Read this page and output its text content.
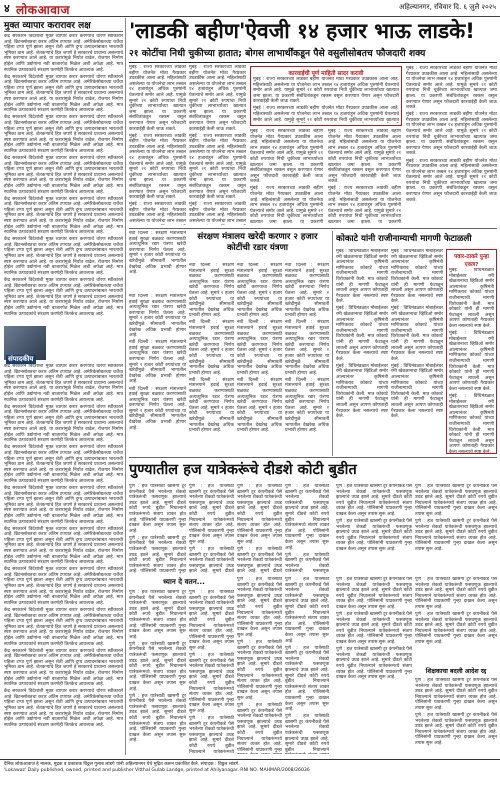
४ लोकआवाज	अहिल्यानगर, रविवार दि. ६ जुलै २०२५
मुक्त व्यापार करारावर लक्ष

केंद्र सरकारने विदेशांशी मुक्त व्यापार करार करण्याचे धोरण स्वीकारले आहे. ब्रिटनसोबतचा करार अंतिम टप्प्यात आहे. अमेरिकेसोबतच्या चर्चेचा पहिला टप्पा पूर्ण झाला असून शेती आणि दुग्ध उत्पादनांबाबत भारताची भूमिका ठाम आहे. शेतकऱ्यांचे हित जपणे हे सरकारचे प्राधान्य असल्याचे स्पष्ट करण्यात आले आहे. या करारांमुळे निर्यात वाढेल, रोजगार निर्माण होईल आणि उद्योगांना नवी बाजारपेठ मिळेल अशी अपेक्षा आहे. मात्र स्थानिक उत्पादकांचे संरक्षण करणेही तितकेच आवश्यक आहे.

केंद्र सरकारने विदेशांशी मुक्त व्यापार करार करण्याचे धोरण स्वीकारले आहे. ब्रिटनसोबतचा करार अंतिम टप्प्यात आहे. अमेरिकेसोबतच्या चर्चेचा पहिला टप्पा पूर्ण झाला असून शेती आणि दुग्ध उत्पादनांबाबत भारताची भूमिका ठाम आहे. शेतकऱ्यांचे हित जपणे हे सरकारचे प्राधान्य असल्याचे स्पष्ट करण्यात आले आहे. या करारांमुळे निर्यात वाढेल, रोजगार निर्माण होईल आणि उद्योगांना नवी बाजारपेठ मिळेल अशी अपेक्षा आहे. मात्र स्थानिक उत्पादकांचे संरक्षण करणेही तितकेच आवश्यक आहे.

केंद्र सरकारने विदेशांशी मुक्त व्यापार करार करण्याचे धोरण स्वीकारले आहे. ब्रिटनसोबतचा करार अंतिम टप्प्यात आहे. अमेरिकेसोबतच्या चर्चेचा पहिला टप्पा पूर्ण झाला असून शेती आणि दुग्ध उत्पादनांबाबत भारताची भूमिका ठाम आहे. शेतकऱ्यांचे हित जपणे हे सरकारचे प्राधान्य असल्याचे स्पष्ट करण्यात आले आहे. या करारांमुळे निर्यात वाढेल, रोजगार निर्माण होईल आणि उद्योगांना नवी बाजारपेठ मिळेल अशी अपेक्षा आहे. मात्र स्थानिक उत्पादकांचे संरक्षण करणेही तितकेच आवश्यक आहे.

केंद्र सरकारने विदेशांशी मुक्त व्यापार करार करण्याचे धोरण स्वीकारले आहे. ब्रिटनसोबतचा करार अंतिम टप्प्यात आहे. अमेरिकेसोबतच्या चर्चेचा पहिला टप्पा पूर्ण झाला असून शेती आणि दुग्ध उत्पादनांबाबत भारताची भूमिका ठाम आहे. शेतकऱ्यांचे हित जपणे हे सरकारचे प्राधान्य असल्याचे स्पष्ट करण्यात आले आहे. या करारांमुळे निर्यात वाढेल, रोजगार निर्माण होईल आणि उद्योगांना नवी बाजारपेठ मिळेल अशी अपेक्षा आहे. मात्र स्थानिक उत्पादकांचे संरक्षण करणेही तितकेच आवश्यक आहे.

केंद्र सरकारने विदेशांशी मुक्त व्यापार करार करण्याचे धोरण स्वीकारले आहे. ब्रिटनसोबतचा करार अंतिम टप्प्यात आहे. अमेरिकेसोबतच्या चर्चेचा पहिला टप्पा पूर्ण झाला असून शेती आणि दुग्ध उत्पादनांबाबत भारताची भूमिका ठाम आहे. शेतकऱ्यांचे हित जपणे हे सरकारचे प्राधान्य असल्याचे स्पष्ट करण्यात आले आहे. या करारांमुळे निर्यात वाढेल, रोजगार निर्माण होईल आणि उद्योगांना नवी बाजारपेठ मिळेल अशी अपेक्षा आहे. मात्र स्थानिक उत्पादकांचे संरक्षण करणेही तितकेच आवश्यक आहे.

केंद्र सरकारने विदेशांशी मुक्त व्यापार करार करण्याचे धोरण स्वीकारले आहे. ब्रिटनसोबतचा करार अंतिम टप्प्यात आहे. अमेरिकेसोबतच्या चर्चेचा पहिला टप्पा पूर्ण झाला असून शेती आणि दुग्ध उत्पादनांबाबत भारताची भूमिका ठाम आहे. शेतकऱ्यांचे हित जपणे हे सरकारचे प्राधान्य असल्याचे स्पष्ट करण्यात आले आहे. या करारांमुळे निर्यात वाढेल, रोजगार निर्माण होईल आणि उद्योगांना नवी बाजारपेठ मिळेल अशी अपेक्षा आहे. मात्र स्थानिक उत्पादकांचे संरक्षण करणेही तितकेच आवश्यक आहे.

केंद्र सरकारने विदेशांशी मुक्त व्यापार करार करण्याचे धोरण स्वीकारले आहे. ब्रिटनसोबतचा करार अंतिम टप्प्यात आहे. अमेरिकेसोबतच्या चर्चेचा पहिला टप्पा पूर्ण झाला असून शेती आणि दुग्ध उत्पादनांबाबत भारताची भूमिका ठाम आहे. शेतकऱ्यांचे हित जपणे हे सरकारचे प्राधान्य असल्याचे स्पष्ट करण्यात आले आहे. या करारांमुळे निर्यात वाढेल, रोजगार निर्माण होईल आणि उद्योगांना नवी बाजारपेठ मिळेल अशी अपेक्षा आहे. मात्र स्थानिक उत्पादकांचे संरक्षण करणेही तितकेच आवश्यक आहे.

संपादकीय

केंद्र सरकारने विदेशांशी मुक्त व्यापार करार करण्याचे धोरण स्वीकारले आहे. ब्रिटनसोबतचा करार अंतिम टप्प्यात आहे. अमेरिकेसोबतच्या चर्चेचा पहिला टप्पा पूर्ण झाला असून शेती आणि दुग्ध उत्पादनांबाबत भारताची भूमिका ठाम आहे. शेतकऱ्यांचे हित जपणे हे सरकारचे प्राधान्य असल्याचे स्पष्ट करण्यात आले आहे. या करारांमुळे निर्यात वाढेल, रोजगार निर्माण होईल आणि उद्योगांना नवी बाजारपेठ मिळेल अशी अपेक्षा आहे. मात्र स्थानिक उत्पादकांचे संरक्षण करणेही तितकेच आवश्यक आहे.

केंद्र सरकारने विदेशांशी मुक्त व्यापार करार करण्याचे धोरण स्वीकारले आहे. ब्रिटनसोबतचा करार अंतिम टप्प्यात आहे. अमेरिकेसोबतच्या चर्चेचा पहिला टप्पा पूर्ण झाला असून शेती आणि दुग्ध उत्पादनांबाबत भारताची भूमिका ठाम आहे. शेतकऱ्यांचे हित जपणे हे सरकारचे प्राधान्य असल्याचे स्पष्ट करण्यात आले आहे. या करारांमुळे निर्यात वाढेल, रोजगार निर्माण होईल आणि उद्योगांना नवी बाजारपेठ मिळेल अशी अपेक्षा आहे. मात्र स्थानिक उत्पादकांचे संरक्षण करणेही तितकेच आवश्यक आहे.

केंद्र सरकारने विदेशांशी मुक्त व्यापार करार करण्याचे धोरण स्वीकारले आहे. ब्रिटनसोबतचा करार अंतिम टप्प्यात आहे. अमेरिकेसोबतच्या चर्चेचा पहिला टप्पा पूर्ण झाला असून शेती आणि दुग्ध उत्पादनांबाबत भारताची भूमिका ठाम आहे. शेतकऱ्यांचे हित जपणे हे सरकारचे प्राधान्य असल्याचे स्पष्ट करण्यात आले आहे. या करारांमुळे निर्यात वाढेल, रोजगार निर्माण होईल आणि उद्योगांना नवी बाजारपेठ मिळेल अशी अपेक्षा आहे. मात्र स्थानिक उत्पादकांचे संरक्षण करणेही तितकेच आवश्यक आहे.

केंद्र सरकारने विदेशांशी मुक्त व्यापार करार करण्याचे धोरण स्वीकारले आहे. ब्रिटनसोबतचा करार अंतिम टप्प्यात आहे. अमेरिकेसोबतच्या चर्चेचा पहिला टप्पा पूर्ण झाला असून शेती आणि दुग्ध उत्पादनांबाबत भारताची भूमिका ठाम आहे. शेतकऱ्यांचे हित जपणे हे सरकारचे प्राधान्य असल्याचे स्पष्ट करण्यात आले आहे. या करारांमुळे निर्यात वाढेल, रोजगार निर्माण होईल आणि उद्योगांना नवी बाजारपेठ मिळेल अशी अपेक्षा आहे. मात्र स्थानिक उत्पादकांचे संरक्षण करणेही तितकेच आवश्यक आहे.

केंद्र सरकारने विदेशांशी मुक्त व्यापार करार करण्याचे धोरण स्वीकारले आहे. ब्रिटनसोबतचा करार अंतिम टप्प्यात आहे. अमेरिकेसोबतच्या चर्चेचा पहिला टप्पा पूर्ण झाला असून शेती आणि दुग्ध उत्पादनांबाबत भारताची भूमिका ठाम आहे. शेतकऱ्यांचे हित जपणे हे सरकारचे प्राधान्य असल्याचे स्पष्ट करण्यात आले आहे. या करारांमुळे निर्यात वाढेल, रोजगार निर्माण होईल आणि उद्योगांना नवी बाजारपेठ मिळेल अशी अपेक्षा आहे. मात्र स्थानिक उत्पादकांचे संरक्षण करणेही तितकेच आवश्यक आहे.

केंद्र सरकारने विदेशांशी मुक्त व्यापार करार करण्याचे धोरण स्वीकारले आहे. ब्रिटनसोबतचा करार अंतिम टप्प्यात आहे. अमेरिकेसोबतच्या चर्चेचा पहिला टप्पा पूर्ण झाला असून शेती आणि दुग्ध उत्पादनांबाबत भारताची भूमिका ठाम आहे. शेतकऱ्यांचे हित जपणे हे सरकारचे प्राधान्य असल्याचे स्पष्ट करण्यात आले आहे. या करारांमुळे निर्यात वाढेल, रोजगार निर्माण होईल आणि उद्योगांना नवी बाजारपेठ मिळेल अशी अपेक्षा आहे. मात्र स्थानिक उत्पादकांचे संरक्षण करणेही तितकेच आवश्यक आहे.

केंद्र सरकारने विदेशांशी मुक्त व्यापार करार करण्याचे धोरण स्वीकारले आहे. ब्रिटनसोबतचा करार अंतिम टप्प्यात आहे. अमेरिकेसोबतच्या चर्चेचा पहिला टप्पा पूर्ण झाला असून शेती आणि दुग्ध उत्पादनांबाबत भारताची भूमिका ठाम आहे. शेतकऱ्यांचे हित जपणे हे सरकारचे प्राधान्य असल्याचे स्पष्ट करण्यात आले आहे. या करारांमुळे निर्यात वाढेल, रोजगार निर्माण होईल आणि उद्योगांना नवी बाजारपेठ मिळेल अशी अपेक्षा आहे. मात्र स्थानिक उत्पादकांचे संरक्षण करणेही तितकेच आवश्यक आहे.

केंद्र सरकारने विदेशांशी मुक्त व्यापार करार करण्याचे धोरण स्वीकारले आहे. ब्रिटनसोबतचा करार अंतिम टप्प्यात आहे. अमेरिकेसोबतच्या चर्चेचा पहिला टप्पा पूर्ण झाला असून शेती आणि दुग्ध उत्पादनांबाबत भारताची भूमिका ठाम आहे. शेतकऱ्यांचे हित जपणे हे सरकारचे प्राधान्य असल्याचे स्पष्ट करण्यात आले आहे. या करारांमुळे निर्यात वाढेल, रोजगार निर्माण होईल आणि उद्योगांना नवी बाजारपेठ मिळेल अशी अपेक्षा आहे. मात्र स्थानिक उत्पादकांचे संरक्षण करणेही तितकेच आवश्यक आहे.

केंद्र सरकारने विदेशांशी मुक्त व्यापार करार करण्याचे धोरण स्वीकारले आहे. ब्रिटनसोबतचा करार अंतिम टप्प्यात आहे. अमेरिकेसोबतच्या चर्चेचा पहिला टप्पा पूर्ण झाला असून शेती आणि दुग्ध उत्पादनांबाबत भारताची भूमिका ठाम आहे. शेतकऱ्यांचे हित जपणे हे सरकारचे प्राधान्य असल्याचे स्पष्ट करण्यात आले आहे. या करारांमुळे निर्यात वाढेल, रोजगार निर्माण होईल आणि उद्योगांना नवी बाजारपेठ मिळेल अशी अपेक्षा आहे. मात्र स्थानिक उत्पादकांचे संरक्षण करणेही तितकेच आवश्यक आहे.

'लाडकी बहीण'ऐवजी १४ हजार भाऊ लाडके!
२१ कोटींचा निधी चुकीच्या हातात; बोगस लाभार्थींकडून पैसे वसुलीसोबतच फौजदारी शक्य

मुंबई : राज्य सरकारच्या लाडकी बहीण योजनेत मोठा गैरप्रकार उघडकीस आला आहे. महिलांसाठी असलेल्या या योजनेचा लाभ तब्बल १४ हजारांहून अधिक पुरुषांनी घेतल्याचे समोर आले आहे. यामुळे सुमारे २१ कोटी रुपयांचा निधी चुकीच्या लाभार्थ्यांच्या खात्यात जमा झाला. या प्रकरणी संबंधितांकडून रक्कम वसूल करण्यात येणार असून फौजदारी कारवाईही केली जाऊ शकते.

मुंबई : राज्य सरकारच्या लाडकी बहीण योजनेत मोठा गैरप्रकार उघडकीस आला आहे. महिलांसाठी असलेल्या या योजनेचा लाभ तब्बल १४ हजारांहून अधिक पुरुषांनी घेतल्याचे समोर आले आहे. यामुळे सुमारे २१ कोटी रुपयांचा निधी चुकीच्या लाभार्थ्यांच्या खात्यात जमा झाला. या प्रकरणी संबंधितांकडून रक्कम वसूल करण्यात येणार असून फौजदारी कारवाईही केली जाऊ शकते.

मुंबई : राज्य सरकारच्या लाडकी बहीण योजनेत मोठा गैरप्रकार उघडकीस आला आहे. महिलांसाठी असलेल्या या योजनेचा लाभ तब्बल

मुंबई : राज्य सरकारच्या लाडकी बहीण योजनेत मोठा गैरप्रकार उघडकीस आला आहे. महिलांसाठी असलेल्या या योजनेचा लाभ तब्बल १४ हजारांहून अधिक पुरुषांनी घेतल्याचे समोर आले आहे. यामुळे सुमारे २१ कोटी रुपयांचा निधी चुकीच्या लाभार्थ्यांच्या खात्यात जमा झाला. या प्रकरणी संबंधितांकडून रक्कम वसूल करण्यात येणार असून फौजदारी कारवाईही केली जाऊ शकते.

मुंबई : राज्य सरकारच्या लाडकी बहीण योजनेत मोठा गैरप्रकार उघडकीस आला आहे. महिलांसाठी असलेल्या या योजनेचा लाभ तब्बल १४ हजारांहून अधिक पुरुषांनी घेतल्याचे समोर आले आहे. यामुळे सुमारे २१ कोटी रुपयांचा निधी चुकीच्या लाभार्थ्यांच्या खात्यात जमा झाला. या प्रकरणी संबंधितांकडून रक्कम वसूल करण्यात येणार असून फौजदारी कारवाईही केली जाऊ शकते.

मुंबई : राज्य सरकारच्या लाडकी बहीण योजनेत मोठा गैरप्रकार उघडकीस आला आहे. महिलांसाठी असलेल्या या योजनेचा लाभ तब्बल

कारवाईची पूर्ण माहिती सादर करावी

मुंबई : राज्य सरकारच्या लाडकी बहीण योजनेत मोठा गैरप्रकार उघडकीस आला आहे. महिलांसाठी असलेल्या या योजनेचा लाभ तब्बल १४ हजारांहून अधिक पुरुषांनी घेतल्याचे समोर आले आहे. यामुळे सुमारे २१ कोटी रुपयांचा निधी चुकीच्या लाभार्थ्यांच्या खात्यात जमा झाला. या प्रकरणी संबंधितांकडून रक्कम वसूल करण्यात येणार असून फौजदारी कारवाईही केली जाऊ शकते.

मुंबई : राज्य सरकारच्या लाडकी बहीण योजनेत मोठा गैरप्रकार उघडकीस आला आहे. महिलांसाठी असलेल्या या योजनेचा लाभ तब्बल १४ हजारांहून अधिक पुरुषांनी घेतल्याचे समोर आले आहे. यामुळे सुमारे २१ कोटी रुपयांचा निधी चुकीच्या लाभार्थ्यांच्या खात्यात

मुंबई : राज्य सरकारच्या लाडकी बहीण योजनेत मोठा गैरप्रकार उघडकीस आला आहे. महिलांसाठी असलेल्या या योजनेचा लाभ तब्बल १४ हजारांहून अधिक पुरुषांनी घेतल्याचे समोर आले आहे. यामुळे सुमारे २१ कोटी रुपयांचा निधी चुकीच्या लाभार्थ्यांच्या खात्यात जमा झाला. या प्रकरणी संबंधितांकडून रक्कम वसूल करण्यात येणार असून फौजदारी कारवाईही केली जाऊ शकते.

मुंबई : राज्य सरकारच्या लाडकी बहीण योजनेत मोठा गैरप्रकार उघडकीस आला आहे. महिलांसाठी असलेल्या या योजनेचा लाभ तब्बल १४ हजारांहून अधिक पुरुषांनी घेतल्याचे समोर आले आहे. यामुळे सुमारे २१ कोटी रुपयांचा निधी चुकीच्या लाभार्थ्यांच्या खात्यात जमा झाला. या प्रकरणी

मुंबई : राज्य सरकारच्या लाडकी बहीण योजनेत मोठा गैरप्रकार उघडकीस आला आहे. महिलांसाठी असलेल्या या योजनेचा लाभ तब्बल १४ हजारांहून अधिक पुरुषांनी घेतल्याचे समोर आले आहे. यामुळे सुमारे २१ कोटी रुपयांचा निधी चुकीच्या लाभार्थ्यांच्या खात्यात जमा झाला. या प्रकरणी संबंधितांकडून रक्कम वसूल करण्यात येणार असून फौजदारी कारवाईही केली जाऊ शकते.

मुंबई : राज्य सरकारच्या लाडकी बहीण योजनेत मोठा गैरप्रकार उघडकीस आला आहे. महिलांसाठी असलेल्या या योजनेचा लाभ तब्बल १४ हजारांहून अधिक पुरुषांनी घेतल्याचे समोर आले आहे. यामुळे सुमारे २१ कोटी रुपयांचा निधी चुकीच्या लाभार्थ्यांच्या खात्यात जमा झाला. या प्रकरणी

मुंबई : राज्य सरकारच्या लाडकी बहीण योजनेत मोठा गैरप्रकार उघडकीस आला आहे. महिलांसाठी असलेल्या या योजनेचा लाभ तब्बल १४ हजारांहून अधिक पुरुषांनी घेतल्याचे समोर आले आहे. यामुळे सुमारे २१ कोटी रुपयांचा निधी चुकीच्या लाभार्थ्यांच्या खात्यात जमा झाला. या प्रकरणी संबंधितांकडून रक्कम वसूल करण्यात येणार असून फौजदारी कारवाईही केली जाऊ शकते.

मुंबई : राज्य सरकारच्या लाडकी बहीण योजनेत मोठा गैरप्रकार उघडकीस आला आहे. महिलांसाठी असलेल्या या योजनेचा लाभ तब्बल १४ हजारांहून अधिक पुरुषांनी घेतल्याचे समोर आले आहे. यामुळे सुमारे २१ कोटी रुपयांचा निधी चुकीच्या लाभार्थ्यांच्या खात्यात जमा झाला. या प्रकरणी संबंधितांकडून रक्कम वसूल करण्यात येणार असून फौजदारी कारवाईही केली जाऊ शकते.

मुंबई : राज्य सरकारच्या लाडकी बहीण योजनेत मोठा गैरप्रकार उघडकीस आला आहे. महिलांसाठी असलेल्या या योजनेचा लाभ तब्बल १४ हजारांहून अधिक पुरुषांनी घेतल्याचे समोर आले आहे. यामुळे सुमारे २१ कोटी रुपयांचा निधी चुकीच्या लाभार्थ्यांच्या खात्यात जमा झाला. या प्रकरणी संबंधितांकडून रक्कम वसूल करण्यात येणार असून फौजदारी कारवाईही केली जाऊ शकते.

नवी दिल्ली : संरक्षण मंत्रालयाने हवाई सुरक्षा बळकट करण्यासाठी अत्याधुनिक रडार यंत्रणा खरेदी करण्याचा निर्णय घेतला आहे. सुमारे २ हजार कोटी रुपयांच्या या खरेदीमुळे सीमावर्ती भागातील देखरेख अधिक प्रभावी होणार आहे.

संरक्षण मंत्रालय खरेदी करणार २ हजार कोटींची रडार यंत्रणा

नवी दिल्ली : संरक्षण मंत्रालयाने हवाई सुरक्षा बळकट करण्यासाठी अत्याधुनिक रडार यंत्रणा खरेदी करण्याचा निर्णय घेतला आहे. सुमारे २ हजार कोटी रुपयांच्या या खरेदीमुळे सीमावर्ती भागातील देखरेख अधिक प्रभावी होणार आहे.

नवी दिल्ली : संरक्षण मंत्रालयाने हवाई सुरक्षा बळकट करण्यासाठी अत्याधुनिक रडार यंत्रणा खरेदी करण्याचा निर्णय घेतला आहे. सुमारे २ हजार कोटी रुपयांच्या या खरेदीमुळे सीमावर्ती भागातील देखरेख अधिक प्रभावी होणार आहे.

नवी दिल्ली : संरक्षण मंत्रालयाने हवाई सुरक्षा बळकट करण्यासाठी अत्याधुनिक रडार यंत्रणा खरेदी करण्याचा निर्णय घेतला आहे. सुमारे २ हजार कोटी रुपयांच्या या खरेदीमुळे सीमावर्ती भागातील देखरेख अधिक प्रभावी होणार आहे.

नवी दिल्ली : संरक्षण मंत्रालयाने हवाई सुरक्षा बळकट करण्यासाठी अत्याधुनिक रडार यंत्रणा खरेदी करण्याचा निर्णय घेतला आहे. सुमारे २ हजार कोटी रुपयांच्या या खरेदीमुळे सीमावर्ती भागातील देखरेख अधिक प्रभावी होणार आहे.

नवी दिल्ली : संरक्षण मंत्रालयाने हवाई सुरक्षा बळकट करण्यासाठी अत्याधुनिक रडार यंत्रणा खरेदी करण्याचा निर्णय घेतला आहे. सुमारे २ हजार कोटी रुपयांच्या या खरेदीमुळे सीमावर्ती भागातील देखरेख अधिक प्रभावी होणार आहे.

नवी दिल्ली : संरक्षण मंत्रालयाने हवाई सुरक्षा बळकट करण्यासाठी अत्याधुनिक रडार यंत्रणा खरेदी करण्याचा निर्णय घेतला आहे. सुमारे २ हजार कोटी रुपयांच्या या खरेदीमुळे सीमावर्ती भागातील देखरेख अधिक प्रभावी होणार आहे.

नवी दिल्ली : संरक्षण मंत्रालयाने हवाई सुरक्षा बळकट करण्यासाठी अत्याधुनिक रडार यंत्रणा खरेदी करण्याचा निर्णय घेतला आहे. सुमारे २ हजार कोटी रुपयांच्या या खरेदीमुळे सीमावर्ती भागातील देखरेख अधिक प्रभावी होणार आहे.

नवी दिल्ली : संरक्षण मंत्रालयाने हवाई सुरक्षा बळकट करण्यासाठी अत्याधुनिक रडार यंत्रणा खरेदी करण्याचा निर्णय घेतला आहे. सुमारे २ हजार कोटी रुपयांच्या या खरेदीमुळे सीमावर्ती भागातील देखरेख अधिक प्रभावी होणार आहे.

नवी दिल्ली : संरक्षण मंत्रालयाने हवाई सुरक्षा बळकट करण्यासाठी अत्याधुनिक रडार यंत्रणा खरेदी करण्याचा निर्णय घेतला आहे. सुमारे २ हजार कोटी रुपयांच्या या खरेदीमुळे सीमावर्ती भागातील देखरेख अधिक प्रभावी होणार आहे.

नवी दिल्ली : संरक्षण मंत्रालयाने हवाई सुरक्षा बळकट करण्यासाठी अत्याधुनिक रडार यंत्रणा खरेदी करण्याचा निर्णय घेतला आहे. सुमारे २ हजार कोटी रुपयांच्या या खरेदीमुळे सीमावर्ती भागातील देखरेख अधिक प्रभावी होणार आहे.

नवी दिल्ली : संरक्षण मंत्रालयाने हवाई सुरक्षा बळकट करण्यासाठी अत्याधुनिक रडार यंत्रणा खरेदी करण्याचा निर्णय घेतला आहे. सुमारे २ हजार कोटी रुपयांच्या या खरेदीमुळे सीमावर्ती भागातील देखरेख अधिक प्रभावी होणार आहे.

नवी दिल्ली : संरक्षण मंत्रालयाने हवाई सुरक्षा बळकट करण्यासाठी अत्याधुनिक रडार यंत्रणा खरेदी करण्याचा निर्णय घेतला आहे. सुमारे २ हजार कोटी रुपयांच्या या खरेदीमुळे सीमावर्ती भागातील देखरेख अधिक प्रभावी होणार आहे.

कोकाटे यांनी राजीनाम्याची मागणी फेटाळली

मुंबई : विधिमंडळात मोबाईलवर रमी खेळतानाचा व्हिडिओ समोर आल्यानंतर कृषिमंत्री माणिकराव कोकाटे यांच्या राजीनाम्याची मागणी विरोधकांनी केली. मात्र कोकाटे यांनी ही मागणी फेटाळून लावली असून आपण कोणताही गैरप्रकार केला नसल्याचे स्पष्ट केले.

मुंबई : विधिमंडळात मोबाईलवर रमी खेळतानाचा व्हिडिओ समोर आल्यानंतर कृषिमंत्री माणिकराव कोकाटे यांच्या राजीनाम्याची मागणी विरोधकांनी केली. मात्र कोकाटे यांनी ही मागणी फेटाळून लावली असून आपण कोणताही गैरप्रकार केला नसल्याचे स्पष्ट केले.

मुंबई : विधिमंडळात मोबाईलवर रमी खेळतानाचा व्हिडिओ समोर आल्यानंतर कृषिमंत्री माणिकराव कोकाटे यांच्या राजीनाम्याची मागणी विरोधकांनी केली. मात्र कोकाटे यांनी ही मागणी फेटाळून लावली असून आपण कोणताही गैरप्रकार केला नसल्याचे स्पष्ट केले.

मुंबई : विधिमंडळात मोबाईलवर रमी खेळतानाचा व्हिडिओ समोर आल्यानंतर कृषिमंत्री माणिकराव कोकाटे यांच्या राजीनाम्याची मागणी विरोधकांनी केली. मात्र कोकाटे यांनी ही मागणी फेटाळून लावली असून आपण कोणताही गैरप्रकार केला नसल्याचे स्पष्ट केले.

मुंबई : विधिमंडळात मोबाईलवर रमी खेळतानाचा व्हिडिओ समोर आल्यानंतर कृषिमंत्री माणिकराव कोकाटे यांच्या राजीनाम्याची मागणी विरोधकांनी केली. मात्र कोकाटे यांनी ही मागणी फेटाळून लावली असून आपण कोणताही गैरप्रकार केला नसल्याचे स्पष्ट केले.

मुंबई : विधिमंडळात मोबाईलवर रमी खेळतानाचा व्हिडिओ समोर आल्यानंतर कृषिमंत्री माणिकराव कोकाटे यांच्या राजीनाम्याची मागणी विरोधकांनी केली. मात्र कोकाटे यांनी ही मागणी फेटाळून लावली असून आपण कोणताही गैरप्रकार केला नसल्याचे स्पष्ट केले.

पवार-ठाकरे पुन्हा एकत्र?

मुंबई : विधिमंडळात मोबाईलवर रमी खेळतानाचा व्हिडिओ समोर आल्यानंतर कृषिमंत्री माणिकराव कोकाटे यांच्या राजीनाम्याची मागणी विरोधकांनी केली. मात्र कोकाटे यांनी ही मागणी फेटाळून लावली असून आपण कोणताही गैरप्रकार केला नसल्याचे स्पष्ट केले.

मुंबई : विधिमंडळात मोबाईलवर रमी खेळतानाचा व्हिडिओ समोर आल्यानंतर कृषिमंत्री माणिकराव कोकाटे यांच्या राजीनाम्याची मागणी विरोधकांनी केली. मात्र कोकाटे यांनी ही मागणी फेटाळून लावली असून आपण कोणताही गैरप्रकार केला नसल्याचे स्पष्ट केले.

मुंबई : विधिमंडळात मोबाईलवर रमी खेळतानाचा व्हिडिओ समोर आल्यानंतर कृषिमंत्री माणिकराव कोकाटे यांच्या राजीनाम्याची मागणी विरोधकांनी केली. मात्र कोकाटे यांनी ही मागणी फेटाळून लावली असून आपण कोणताही गैरप्रकार केला नसल्याचे स्पष्ट केले.

पुण्यातील हज यात्रेकरूंचे दीडशे कोटी बुडीत

पुणे : हज यात्रेसाठी खासगी टूर कंपनीकडे पैसे भरलेल्या शेकडो यात्रेकरूंची फसवणूक झाल्याचे उघड झाले आहे. सुमारे दीडशे कोटी रुपये बुडीत निघाल्याने यात्रेकरूंमध्ये संताप व्यक्त होत आहे. पोलिसांनी याप्रकरणी गुन्हा दाखल केला असून तपास सुरू आहे.

पुणे : हज यात्रेसाठी खासगी टूर कंपनीकडे पैसे भरलेल्या शेकडो यात्रेकरूंची फसवणूक झाल्याचे उघड झाले आहे. सुमारे दीडशे कोटी रुपये बुडीत निघाल्याने यात्रेकरूंमध्ये संताप व्यक्त होत आहे. पोलिसांनी याप्रकरणी गुन्हा

पुणे : हज यात्रेसाठी खासगी टूर कंपनीकडे पैसे भरलेल्या शेकडो यात्रेकरूंची फसवणूक झाल्याचे उघड झाले आहे. सुमारे दीडशे कोटी रुपये बुडीत निघाल्याने यात्रेकरूंमध्ये संताप व्यक्त होत आहे. पोलिसांनी याप्रकरणी गुन्हा दाखल केला असून तपास सुरू आहे.

पुणे : हज यात्रेसाठी खासगी टूर कंपनीकडे पैसे भरलेल्या शेकडो यात्रेकरूंची फसवणूक झाल्याचे उघड झाले आहे. सुमारे दीडशे

पुणे : हज यात्रेसाठी खासगी टूर कंपनीकडे पैसे भरलेल्या शेकडो यात्रेकरूंची फसवणूक झाल्याचे उघड झाले आहे. सुमारे दीडशे कोटी रुपये बुडीत निघाल्याने यात्रेकरूंमध्ये संताप व्यक्त होत आहे. पोलिसांनी याप्रकरणी गुन्हा दाखल केला असून तपास सुरू आहे.

पुणे : हज यात्रेसाठी खासगी टूर कंपनीकडे पैसे भरलेल्या शेकडो यात्रेकरूंची फसवणूक झाल्याचे उघड झाले आहे. सुमारे दीडशे

पुणे : हज यात्रेसाठी खासगी टूर कंपनीकडे पैसे भरलेल्या शेकडो यात्रेकरूंची फसवणूक झाल्याचे उघड झाले आहे. सुमारे दीडशे कोटी रुपये बुडीत निघाल्याने यात्रेकरूंमध्ये संताप व्यक्त होत आहे. पोलिसांनी याप्रकरणी गुन्हा दाखल केला असून तपास सुरू आहे.

पुणे : हज यात्रेसाठी खासगी टूर कंपनीकडे पैसे भरलेल्या शेकडो यात्रेकरूंची फसवणूक

पुणे : हज यात्रेसाठी खासगी टूर कंपनीकडे पैसे भरलेल्या शेकडो यात्रेकरूंची फसवणूक झाल्याचे उघड झाले आहे. सुमारे दीडशे कोटी रुपये बुडीत निघाल्याने यात्रेकरूंमध्ये संताप व्यक्त होत आहे. पोलिसांनी याप्रकरणी गुन्हा दाखल केला असून तपास सुरू आहे.

पुणे : हज यात्रेसाठी खासगी टूर कंपनीकडे पैसे भरलेल्या शेकडो यात्रेकरूंची फसवणूक झाल्याचे उघड झाले आहे. सुमारे दीडशे कोटी रुपये बुडीत निघाल्याने यात्रेकरूंमध्ये संताप व्यक्त होत आहे. पोलिसांनी याप्रकरणी गुन्हा दाखल केला असून तपास सुरू आहे.

पुणे : हज यात्रेसाठी खासगी टूर कंपनीकडे पैसे भरलेल्या शेकडो यात्रेकरूंची फसवणूक झाल्याचे उघड झाले आहे. सुमारे दीडशे कोटी रुपये बुडीत निघाल्याने यात्रेकरूंमध्ये संताप व्यक्त होत आहे. पोलिसांनी याप्रकरणी गुन्हा दाखल केला असून तपास सुरू आहे.

पुणे : हज यात्रेसाठी खासगी टूर कंपनीकडे पैसे भरलेल्या शेकडो यात्रेकरूंची फसवणूक झाल्याचे उघड झाले आहे. सुमारे दीडशे कोटी रुपये बुडीत निघाल्याने यात्रेकरूंमध्ये संताप व्यक्त होत आहे. पोलिसांनी याप्रकरणी गुन्हा दाखल केला असून तपास सुरू आहे.

ध्यान दे वतन...

पुणे : हज यात्रेसाठी खासगी टूर कंपनीकडे पैसे भरलेल्या शेकडो यात्रेकरूंची फसवणूक झाल्याचे उघड झाले आहे. सुमारे दीडशे कोटी रुपये बुडीत निघाल्याने यात्रेकरूंमध्ये संताप व्यक्त होत आहे. पोलिसांनी याप्रकरणी गुन्हा दाखल केला असून तपास सुरू आहे.

पुणे : हज यात्रेसाठी खासगी टूर कंपनीकडे पैसे भरलेल्या शेकडो यात्रेकरूंची फसवणूक झाल्याचे उघड झाले आहे. सुमारे दीडशे कोटी रुपये बुडीत निघाल्याने यात्रेकरूंमध्ये संताप व्यक्त होत आहे. पोलिसांनी याप्रकरणी गुन्हा दाखल केला असून तपास सुरू आहे.

पुणे : हज यात्रेसाठी खासगी टूर कंपनीकडे पैसे भरलेल्या शेकडो यात्रेकरूंची फसवणूक झाल्याचे उघड झाले आहे. सुमारे दीडशे कोटी रुपये बुडीत निघाल्याने यात्रेकरूंमध्ये संताप व्यक्त होत आहे. पोलिसांनी याप्रकरणी गुन्हा दाखल केला असून तपास सुरू आहे.

पुणे : हज यात्रेसाठी खासगी टूर कंपनीकडे पैसे भरलेल्या शेकडो यात्रेकरूंची फसवणूक झाल्याचे उघड झाले आहे. सुमारे दीडशे कोटी रुपये बुडीत निघाल्याने यात्रेकरूंमध्ये संताप व्यक्त होत आहे. पोलिसांनी याप्रकरणी गुन्हा दाखल केला असून तपास सुरू आहे.

पुणे : हज यात्रेसाठी खासगी टूर कंपनीकडे पैसे भरलेल्या शेकडो यात्रेकरूंची फसवणूक झाल्याचे उघड झाले आहे. सुमारे दीडशे कोटी रुपये बुडीत निघाल्याने यात्रेकरूंमध्ये संताप व्यक्त होत आहे. पोलिसांनी याप्रकरणी गुन्हा दाखल केला असून तपास सुरू आहे.

पुणे : हज यात्रेसाठी खासगी टूर कंपनीकडे पैसे भरलेल्या शेकडो यात्रेकरूंची फसवणूक झाल्याचे उघड झाले आहे. सुमारे दीडशे कोटी रुपये बुडीत निघाल्याने यात्रेकरूंमध्ये

पुणे : हज यात्रेसाठी खासगी टूर कंपनीकडे पैसे भरलेल्या शेकडो यात्रेकरूंची फसवणूक झाल्याचे उघड झाले आहे. सुमारे दीडशे कोटी रुपये बुडीत निघाल्याने यात्रेकरूंमध्ये संताप व्यक्त होत आहे. पोलिसांनी याप्रकरणी गुन्हा दाखल केला असून तपास सुरू आहे.

पुणे : हज यात्रेसाठी खासगी टूर कंपनीकडे पैसे भरलेल्या शेकडो यात्रेकरूंची फसवणूक झाल्याचे उघड झाले आहे. सुमारे दीडशे कोटी रुपये बुडीत निघाल्याने यात्रेकरूंमध्ये संताप व्यक्त होत आहे. पोलिसांनी याप्रकरणी गुन्हा दाखल केला असून तपास सुरू आहे.

पुणे : हज यात्रेसाठी खासगी टूर कंपनीकडे पैसे भरलेल्या शेकडो यात्रेकरूंची फसवणूक झाल्याचे उघड झाले आहे. सुमारे दीडशे कोटी रुपये बुडीत निघाल्याने यात्रेकरूंमध्ये संताप व्यक्त होत आहे. पोलिसांनी याप्रकरणी गुन्हा

पुणे : हज यात्रेसाठी खासगी टूर कंपनीकडे पैसे भरलेल्या शेकडो यात्रेकरूंची फसवणूक झाल्याचे उघड झाले आहे. सुमारे दीडशे कोटी रुपये बुडीत निघाल्याने यात्रेकरूंमध्ये संताप व्यक्त होत आहे. पोलिसांनी याप्रकरणी गुन्हा दाखल केला असून तपास सुरू आहे.

पुणे : हज यात्रेसाठी खासगी टूर कंपनीकडे पैसे भरलेल्या शेकडो यात्रेकरूंची फसवणूक झाल्याचे उघड झाले आहे. सुमारे दीडशे कोटी रुपये बुडीत निघाल्याने यात्रेकरूंमध्ये संताप व्यक्त होत आहे. पोलिसांनी याप्रकरणी गुन्हा दाखल केला असून तपास सुरू आहे.

पुणे : हज यात्रेसाठी खासगी टूर कंपनीकडे पैसे भरलेल्या शेकडो यात्रेकरूंची फसवणूक झाल्याचे उघड झाले आहे. सुमारे दीडशे कोटी रुपये बुडीत निघाल्याने

पुणे : हज यात्रेसाठी खासगी टूर कंपनीकडे पैसे भरलेल्या शेकडो यात्रेकरूंची फसवणूक झाल्याचे उघड झाले आहे. सुमारे दीडशे कोटी रुपये बुडीत निघाल्याने यात्रेकरूंमध्ये संताप व्यक्त होत आहे. पोलिसांनी याप्रकरणी गुन्हा दाखल केला असून तपास सुरू आहे.

पुणे : हज यात्रेसाठी खासगी टूर कंपनीकडे पैसे भरलेल्या शेकडो यात्रेकरूंची फसवणूक झाल्याचे उघड झाले आहे. सुमारे दीडशे कोटी रुपये बुडीत निघाल्याने यात्रेकरूंमध्ये संताप व्यक्त होत आहे. पोलिसांनी याप्रकरणी गुन्हा दाखल केला असून तपास सुरू आहे.

पुणे : हज यात्रेसाठी खासगी टूर कंपनीकडे पैसे भरलेल्या शेकडो यात्रेकरूंची फसवणूक झाल्याचे उघड झाले आहे. सुमारे दीडशे कोटी रुपये बुडीत निघाल्याने यात्रेकरूंमध्ये संताप व्यक्त होत आहे. पोलिसांनी याप्रकरणी गुन्हा दाखल केला असून तपास सुरू आहे.

शिक्षकाचा बदली आदेश रद्द

पुणे : हज यात्रेसाठी खासगी टूर कंपनीकडे पैसे भरलेल्या शेकडो यात्रेकरूंची फसवणूक झाल्याचे उघड झाले आहे. सुमारे दीडशे कोटी रुपये बुडीत निघाल्याने यात्रेकरूंमध्ये संताप व्यक्त होत आहे. पोलिसांनी याप्रकरणी गुन्हा दाखल केला असून तपास सुरू आहे.

पुणे : हज यात्रेसाठी खासगी टूर कंपनीकडे पैसे भरलेल्या शेकडो यात्रेकरूंची फसवणूक झाल्याचे उघड झाले आहे. सुमारे दीडशे कोटी रुपये बुडीत निघाल्याने यात्रेकरूंमध्ये संताप व्यक्त होत आहे. पोलिसांनी याप्रकरणी गुन्हा दाखल केला असून तपास सुरू आहे.

पुणे : हज यात्रेसाठी खासगी टूर कंपनीकडे पैसे भरलेल्या शेकडो यात्रेकरूंची फसवणूक झाल्याचे उघड झाले आहे. सुमारे दीडशे कोटी रुपये बुडीत निघाल्याने यात्रेकरूंमध्ये संताप व्यक्त होत आहे. पोलिसांनी याप्रकरणी गुन्हा दाखल केला असून तपास सुरू आहे.

पुणे : हज यात्रेसाठी खासगी टूर कंपनीकडे पैसे भरलेल्या शेकडो यात्रेकरूंची फसवणूक झाल्याचे उघड झाले आहे. सुमारे दीडशे कोटी रुपये बुडीत निघाल्याने यात्रेकरूंमध्ये संताप व्यक्त होत आहे. पोलिसांनी याप्रकरणी गुन्हा दाखल केला असून तपास सुरू आहे.

दैनिक लोकआवाज हे मालक, मुद्रक व प्रकाशक विठ्ठल गुलाब लांडगे यांनी अहिल्यानगर येथे मुद्रित करून प्रकाशित केले. संपादक : विठ्ठल लांडगे.
'Lokawaz' Daily published, owned, printed and publisher Vitthal Gulab Landge, printed at Ahilyanagar. RNI NO. MAHMAR/2008/26036
